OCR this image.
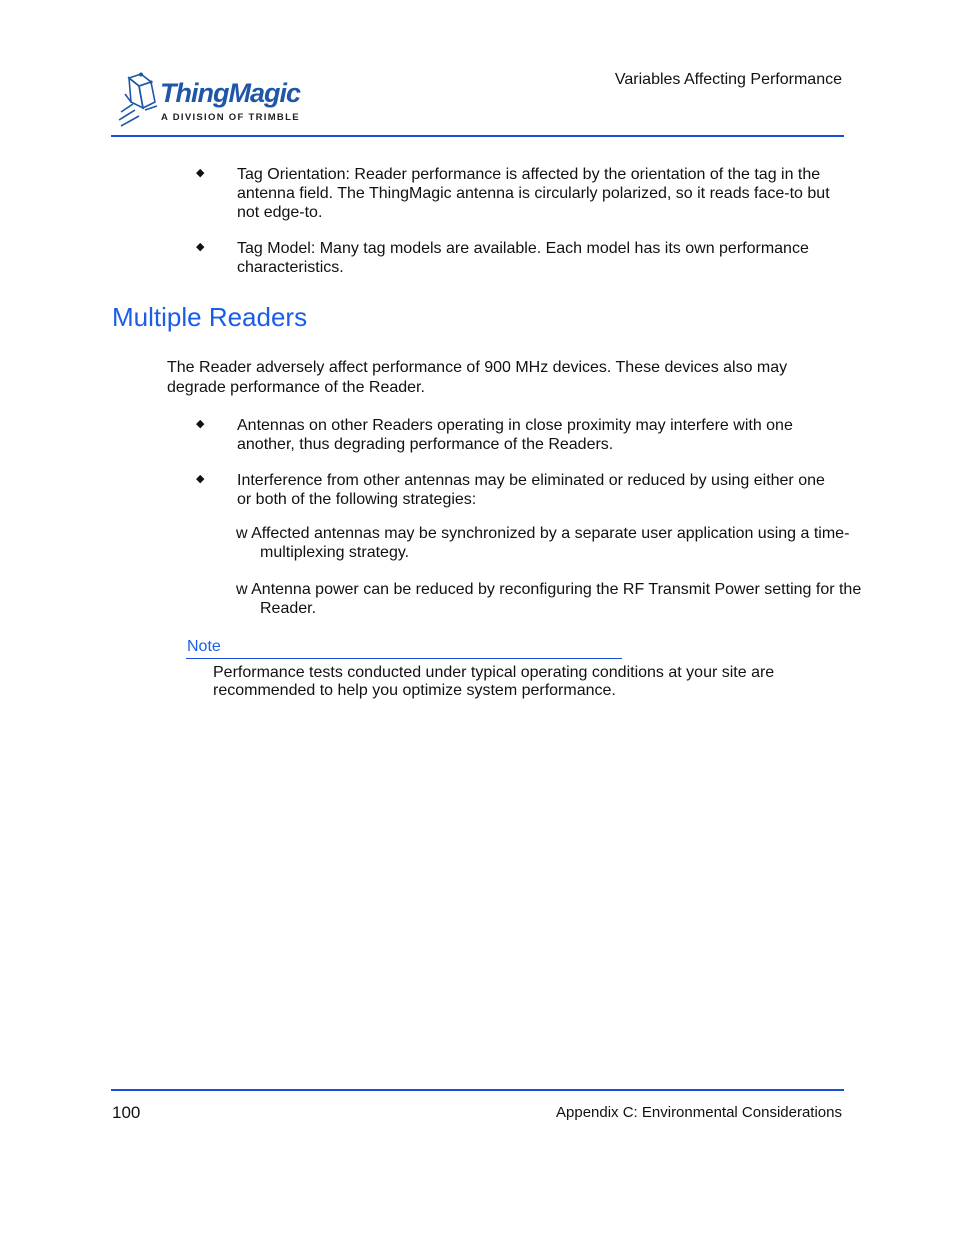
ThingMagic
A DIVISION OF TRIMBLE
Variables Affecting Performance
◆ Tag Orientation: Reader performance is affected by the orientation of the tag in the antenna field. The ThingMagic antenna is circularly polarized, so it reads face-to but not edge-to.
◆ Tag Model: Many tag models are available. Each model has its own performance characteristics.
Multiple Readers
The Reader adversely affect performance of 900 MHz devices. These devices also may degrade performance of the Reader.
◆ Antennas on other Readers operating in close proximity may interfere with one another, thus degrading performance of the Readers.
◆ Interference from other antennas may be eliminated or reduced by using either one or both of the following strategies:
w Affected antennas may be synchronized by a separate user application using a time-multiplexing strategy.
w Antenna power can be reduced by reconfiguring the RF Transmit Power setting for the Reader.
Note
Performance tests conducted under typical operating conditions at your site are recommended to help you optimize system performance.
100	Appendix C: Environmental Considerations
